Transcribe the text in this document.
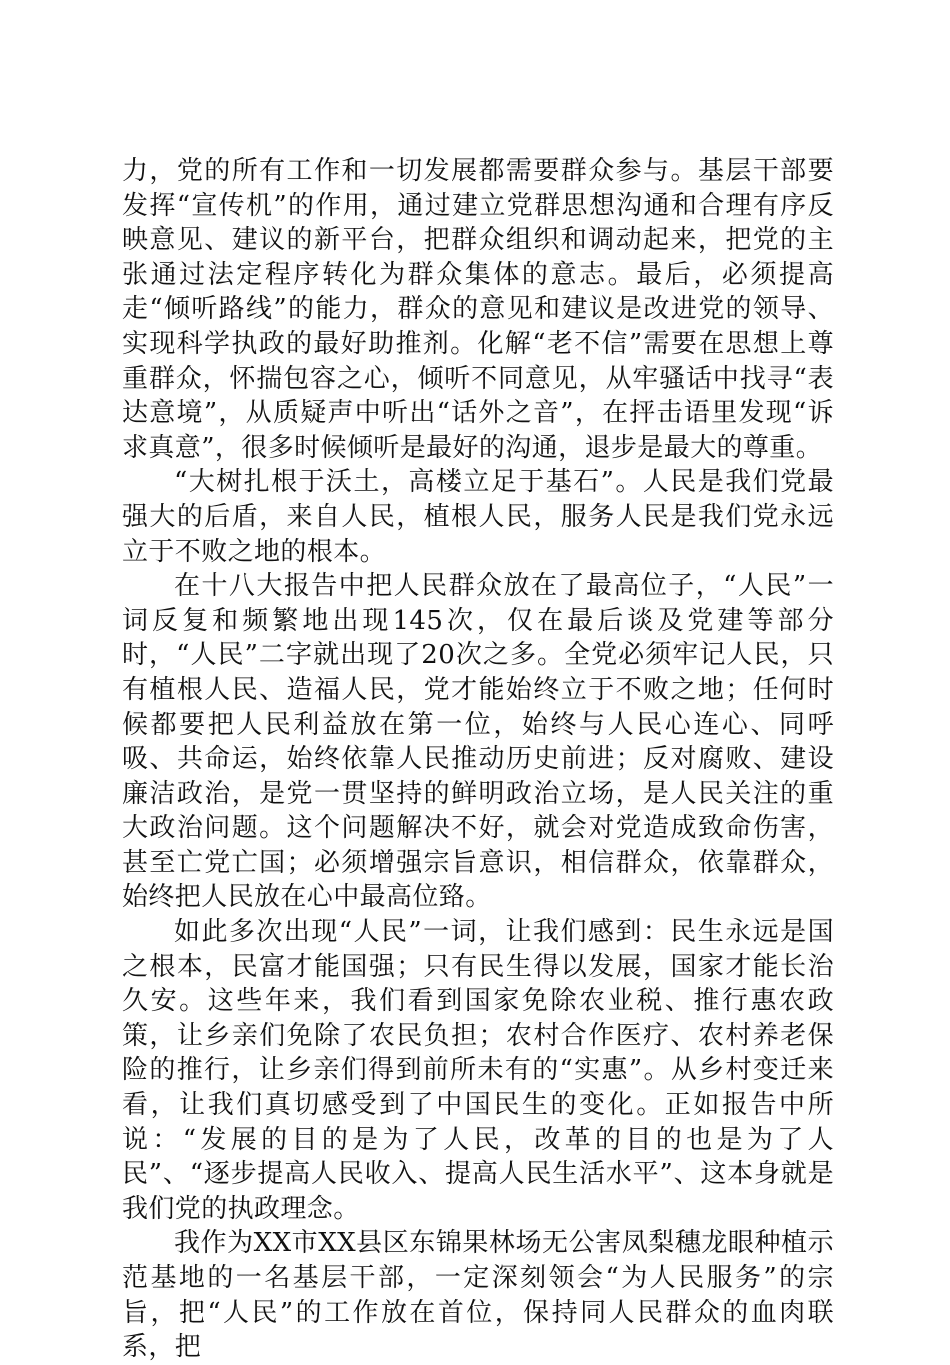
力，党的所有工作和一切发展都需要群众参与。基层干部要发挥“宣传机”的作用，通过建立党群思想沟通和合理有序反映意见、建议的新平台，把群众组织和调动起来，把党的主张通过法定程序转化为群众集体的意志。最后，必须提高走“倾听路线”的能力，群众的意见和建议是改进党的领导、实现科学执政的最好助推剂。化解“老不信”需要在思想上尊重群众，怀揣包容之心，倾听不同意见，从牢骚话中找寻“表达意境”，从质疑声中听出“话外之音”，在抨击语里发现“诉求真意”，很多时候倾听是最好的沟通，退步是最大的尊重。

“大树扎根于沃土，高楼立足于基石”。人民是我们党最强大的后盾，来自人民，植根人民，服务人民是我们党永远立于不败之地的根本。

在十八大报告中把人民群众放在了最高位子，“人民”一词反复和频繁地出现145次，仅在最后谈及党建等部分时，“人民”二字就出现了20次之多。全党必须牢记人民，只有植根人民、造福人民，党才能始终立于不败之地；任何时候都要把人民利益放在第一位，始终与人民心连心、同呼吸、共命运，始终依靠人民推动历史前进；反对腐败、建设廉洁政治，是党一贯坚持的鲜明政治立场，是人民关注的重大政治问题。这个问题解决不好，就会对党造成致命伤害，甚至亡党亡国；必须增强宗旨意识，相信群众，依靠群众，始终把人民放在心中最高位臵。

如此多次出现“人民”一词，让我们感到：民生永远是国之根本，民富才能国强；只有民生得以发展，国家才能长治久安。这些年来，我们看到国家免除农业税、推行惠农政策，让乡亲们免除了农民负担；农村合作医疗、农村养老保险的推行，让乡亲们得到前所未有的“实惠”。从乡村变迁来看，让我们真切感受到了中国民生的变化。正如报告中所说：“发展的目的是为了人民，改革的目的也是为了人民”、“逐步提高人民收入、提高人民生活水平”、这本身就是我们党的执政理念。

我作为XX市XX县区东锦果林场无公害凤梨穗龙眼种植示范基地的一名基层干部，一定深刻领会“为人民服务”的宗旨，把“人民”的工作放在首位，保持同人民群众的血肉联系，把
